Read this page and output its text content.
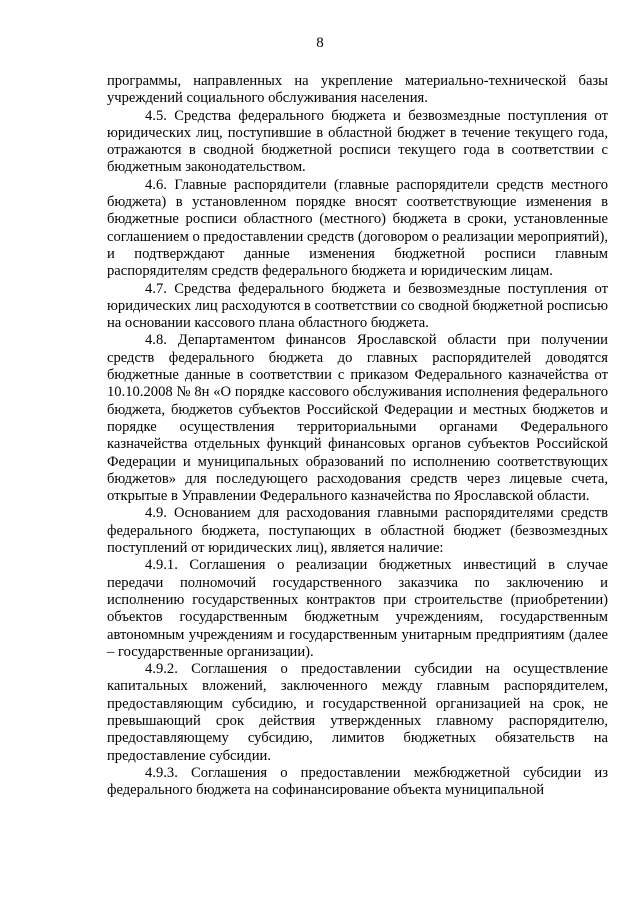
8

программы, направленных на укрепление материально-технической базы учреждений социального обслуживания населения.

4.5. Средства федерального бюджета и безвозмездные поступления от юридических лиц, поступившие в областной бюджет в течение текущего года, отражаются в сводной бюджетной росписи текущего года в соответствии с бюджетным законодательством.

4.6. Главные распорядители (главные распорядители средств местного бюджета) в установленном порядке вносят соответствующие изменения в бюджетные росписи областного (местного) бюджета в сроки, установленные соглашением о предоставлении средств (договором о реализации мероприятий), и подтверждают данные изменения бюджетной росписи главным распорядителям средств федерального бюджета и юридическим лицам.

4.7. Средства федерального бюджета и безвозмездные поступления от юридических лиц расходуются в соответствии со сводной бюджетной росписью на основании кассового плана областного бюджета.

4.8. Департаментом финансов Ярославской области при получении средств федерального бюджета до главных распорядителей доводятся бюджетные данные в соответствии с приказом Федерального казначейства от 10.10.2008 № 8н «О порядке кассового обслуживания исполнения федерального бюджета, бюджетов субъектов Российской Федерации и местных бюджетов и порядке осуществления территориальными органами Федерального казначейства отдельных функций финансовых органов субъектов Российской Федерации и муниципальных образований по исполнению соответствующих бюджетов» для последующего расходования средств через лицевые счета, открытые в Управлении Федерального казначейства по Ярославской области.

4.9. Основанием для расходования главными распорядителями средств федерального бюджета, поступающих в областной бюджет (безвозмездных поступлений от юридических лиц), является наличие:

4.9.1. Соглашения о реализации бюджетных инвестиций в случае передачи полномочий государственного заказчика по заключению и исполнению государственных контрактов при строительстве (приобретении) объектов государственным бюджетным учреждениям, государственным автономным учреждениям и государственным унитарным предприятиям (далее – государственные организации).

4.9.2. Соглашения о предоставлении субсидии на осуществление капитальных вложений, заключенного между главным распорядителем, предоставляющим субсидию, и государственной организацией на срок, не превышающий срок действия утвержденных главному распорядителю, предоставляющему субсидию, лимитов бюджетных обязательств на предоставление субсидии.

4.9.3. Соглашения о предоставлении межбюджетной субсидии из федерального бюджета на софинансирование объекта муниципальной
